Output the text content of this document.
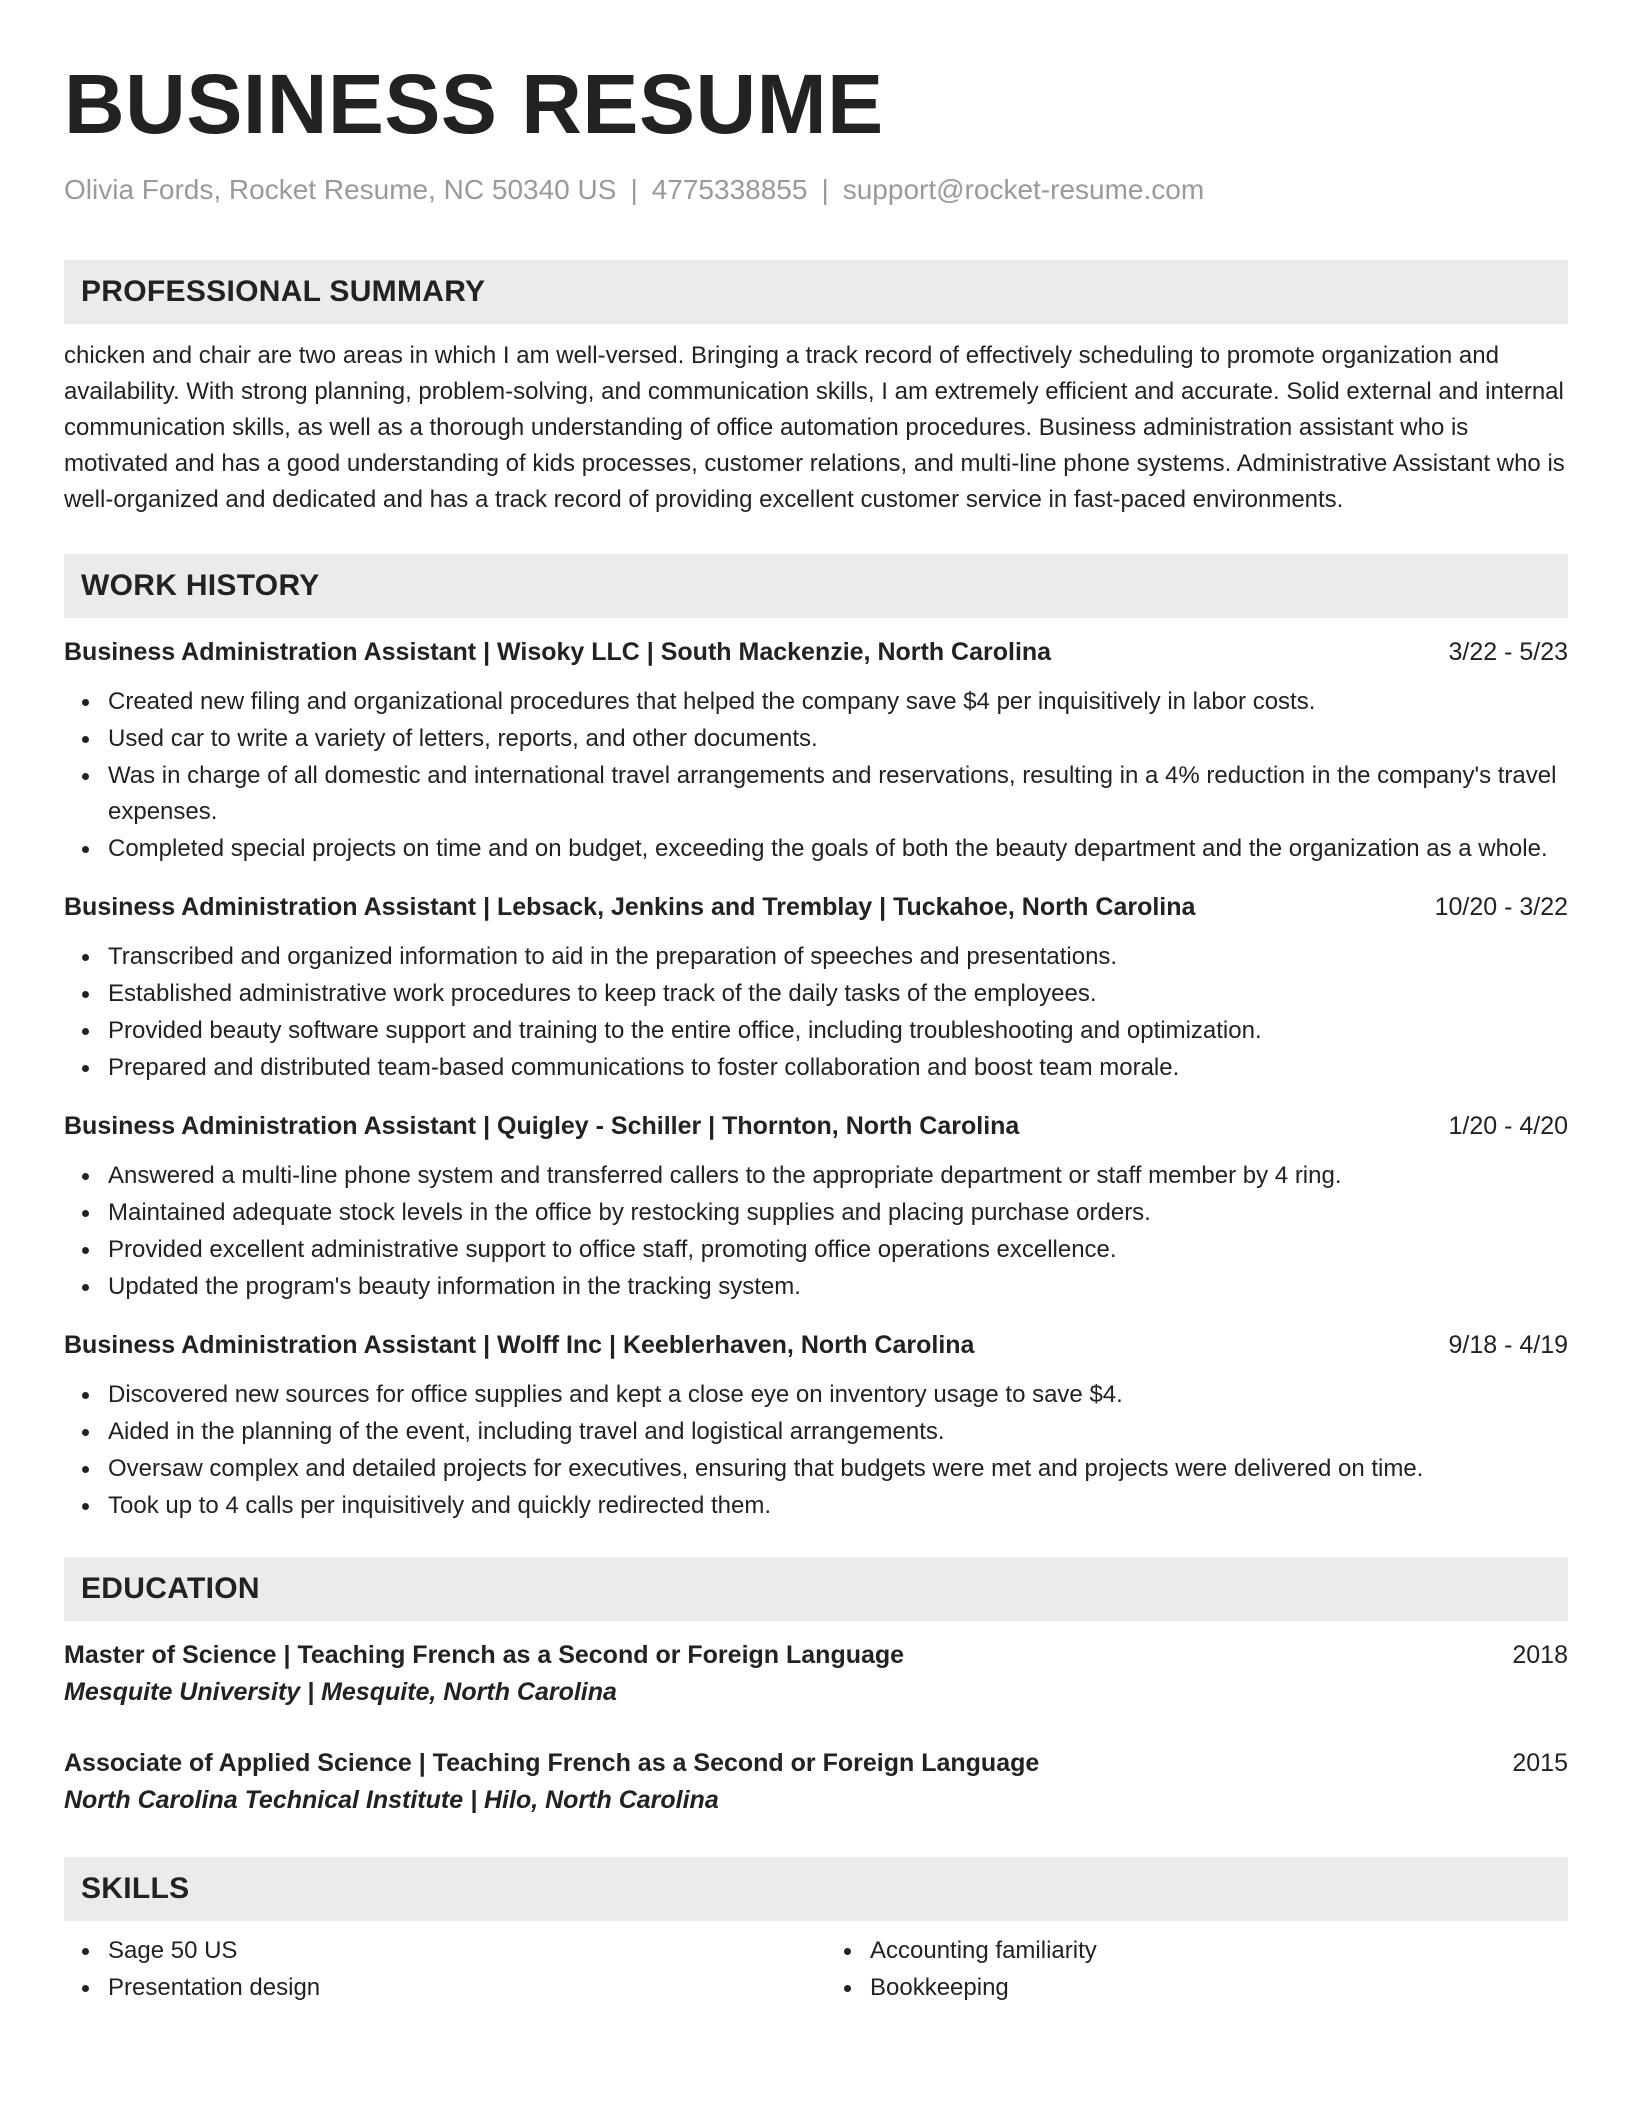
BUSINESS RESUME
Olivia Fords, Rocket Resume, NC 50340 US | 4775338855 | support@rocket-resume.com
PROFESSIONAL SUMMARY
chicken and chair are two areas in which I am well-versed. Bringing a track record of effectively scheduling to promote organization and availability. With strong planning, problem-solving, and communication skills, I am extremely efficient and accurate. Solid external and internal communication skills, as well as a thorough understanding of office automation procedures. Business administration assistant who is motivated and has a good understanding of kids processes, customer relations, and multi-line phone systems. Administrative Assistant who is well-organized and dedicated and has a track record of providing excellent customer service in fast-paced environments.
WORK HISTORY
Business Administration Assistant | Wisoky LLC | South Mackenzie, North Carolina	3/22 - 5/23
Created new filing and organizational procedures that helped the company save $4 per inquisitively in labor costs.
Used car to write a variety of letters, reports, and other documents.
Was in charge of all domestic and international travel arrangements and reservations, resulting in a 4% reduction in the company's travel expenses.
Completed special projects on time and on budget, exceeding the goals of both the beauty department and the organization as a whole.
Business Administration Assistant | Lebsack, Jenkins and Tremblay | Tuckahoe, North Carolina	10/20 - 3/22
Transcribed and organized information to aid in the preparation of speeches and presentations.
Established administrative work procedures to keep track of the daily tasks of the employees.
Provided beauty software support and training to the entire office, including troubleshooting and optimization.
Prepared and distributed team-based communications to foster collaboration and boost team morale.
Business Administration Assistant | Quigley - Schiller | Thornton, North Carolina	1/20 - 4/20
Answered a multi-line phone system and transferred callers to the appropriate department or staff member by 4 ring.
Maintained adequate stock levels in the office by restocking supplies and placing purchase orders.
Provided excellent administrative support to office staff, promoting office operations excellence.
Updated the program's beauty information in the tracking system.
Business Administration Assistant | Wolff Inc | Keeblerhaven, North Carolina	9/18 - 4/19
Discovered new sources for office supplies and kept a close eye on inventory usage to save $4.
Aided in the planning of the event, including travel and logistical arrangements.
Oversaw complex and detailed projects for executives, ensuring that budgets were met and projects were delivered on time.
Took up to 4 calls per inquisitively and quickly redirected them.
EDUCATION
Master of Science | Teaching French as a Second or Foreign Language	2018
Mesquite University | Mesquite, North Carolina
Associate of Applied Science | Teaching French as a Second or Foreign Language	2015
North Carolina Technical Institute | Hilo, North Carolina
SKILLS
Sage 50 US
Presentation design
Accounting familiarity
Bookkeeping
